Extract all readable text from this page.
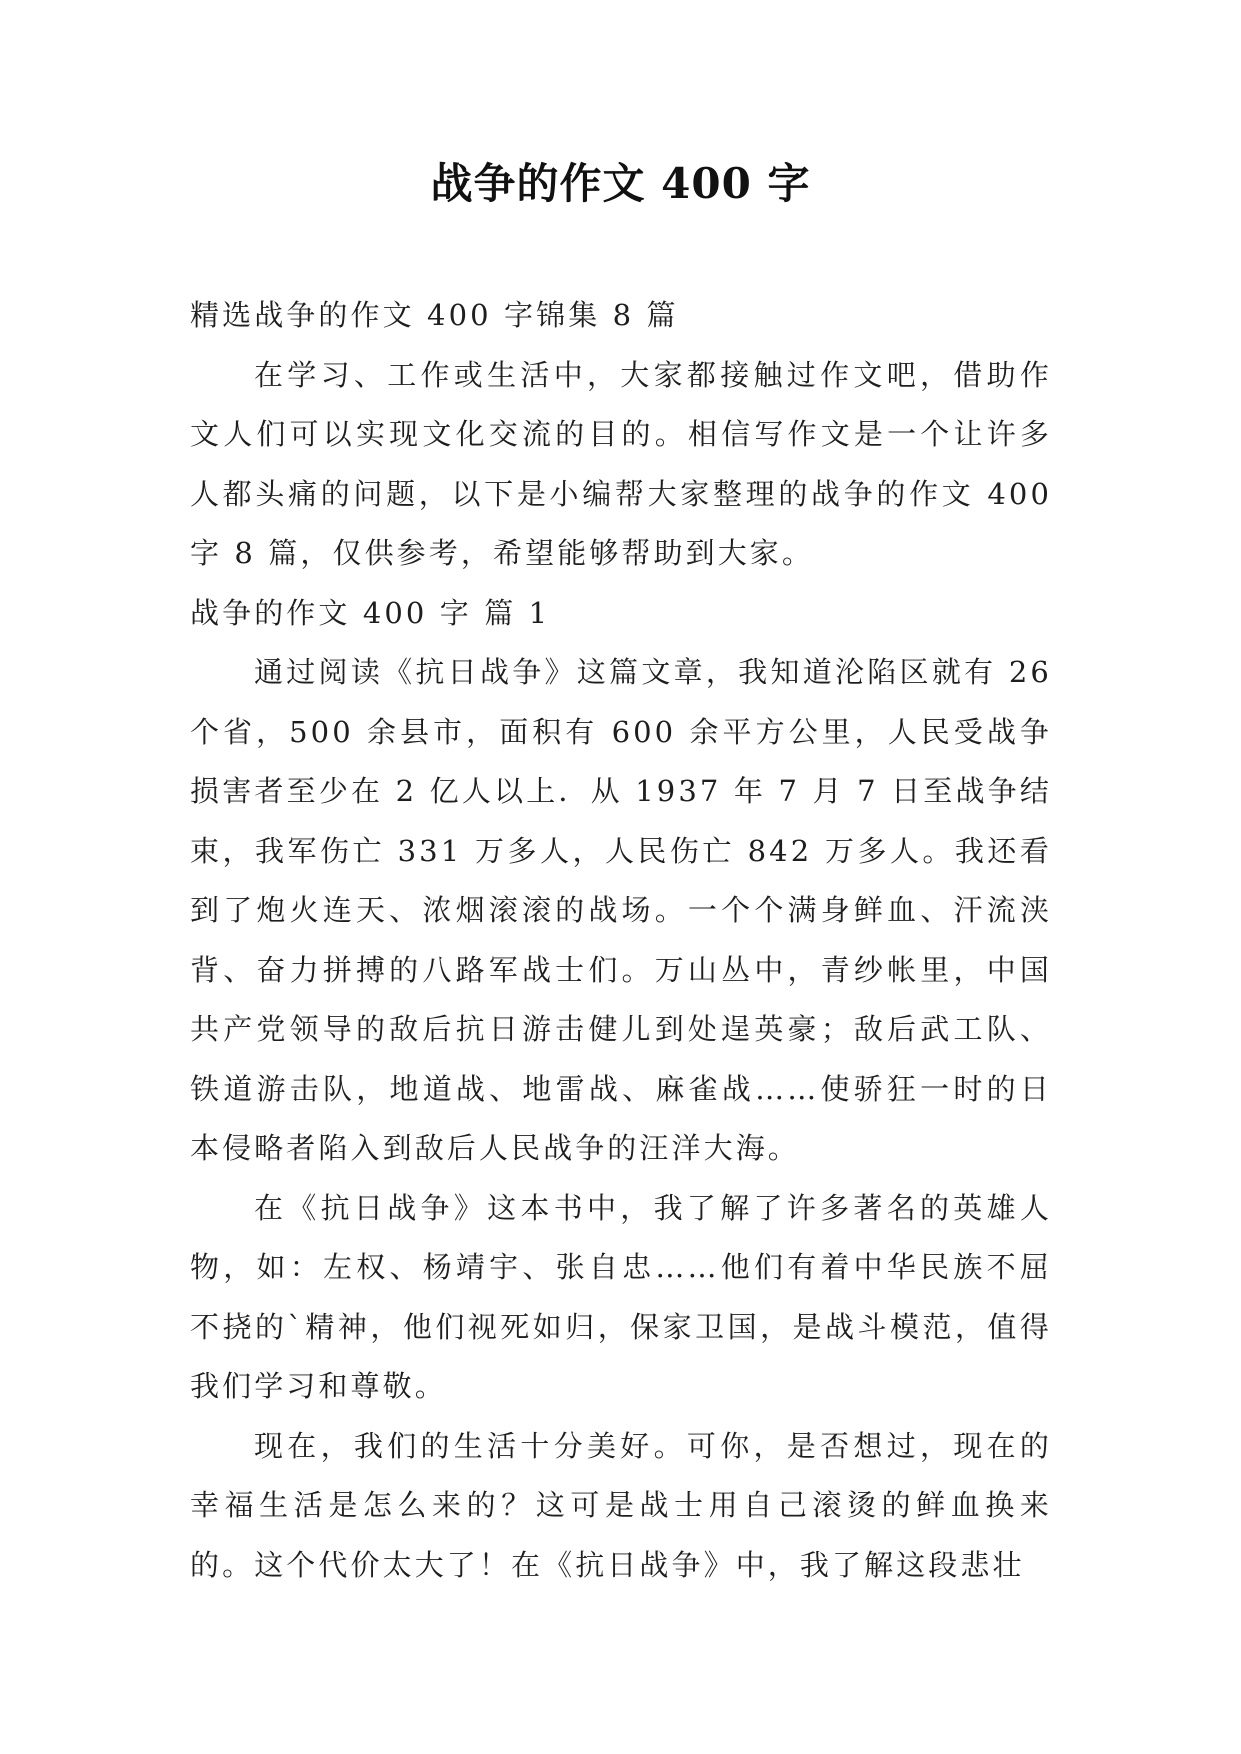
战争的作文 400 字

精选战争的作文 400 字锦集 8 篇

在学习、工作或生活中，大家都接触过作文吧，借助作文人们可以实现文化交流的目的。相信写作文是一个让许多人都头痛的问题，以下是小编帮大家整理的战争的作文 400 字 8 篇，仅供参考，希望能够帮助到大家。

战争的作文 400 字 篇 1

通过阅读《抗日战争》这篇文章，我知道沦陷区就有 26 个省，500 余县市，面积有 600 余平方公里，人民受战争损害者至少在 2 亿人以上．从 1937 年 7 月 7 日至战争结束，我军伤亡 331 万多人，人民伤亡 842 万多人。我还看到了炮火连天、浓烟滚滚的战场。一个个满身鲜血、汗流浃背、奋力拼搏的八路军战士们。万山丛中，青纱帐里，中国共产党领导的敌后抗日游击健儿到处逞英豪；敌后武工队、铁道游击队，地道战、地雷战、麻雀战……使骄狂一时的日本侵略者陷入到敌后人民战争的汪洋大海。

在《抗日战争》这本书中，我了解了许多著名的英雄人物，如：左权、杨靖宇、张自忠……他们有着中华民族不屈不挠的`精神，他们视死如归，保家卫国，是战斗模范，值得我们学习和尊敬。

现在，我们的生活十分美好。可你，是否想过，现在的幸福生活是怎么来的？这可是战士用自己滚烫的鲜血换来的。这个代价太大了！在《抗日战争》中，我了解这段悲壮
